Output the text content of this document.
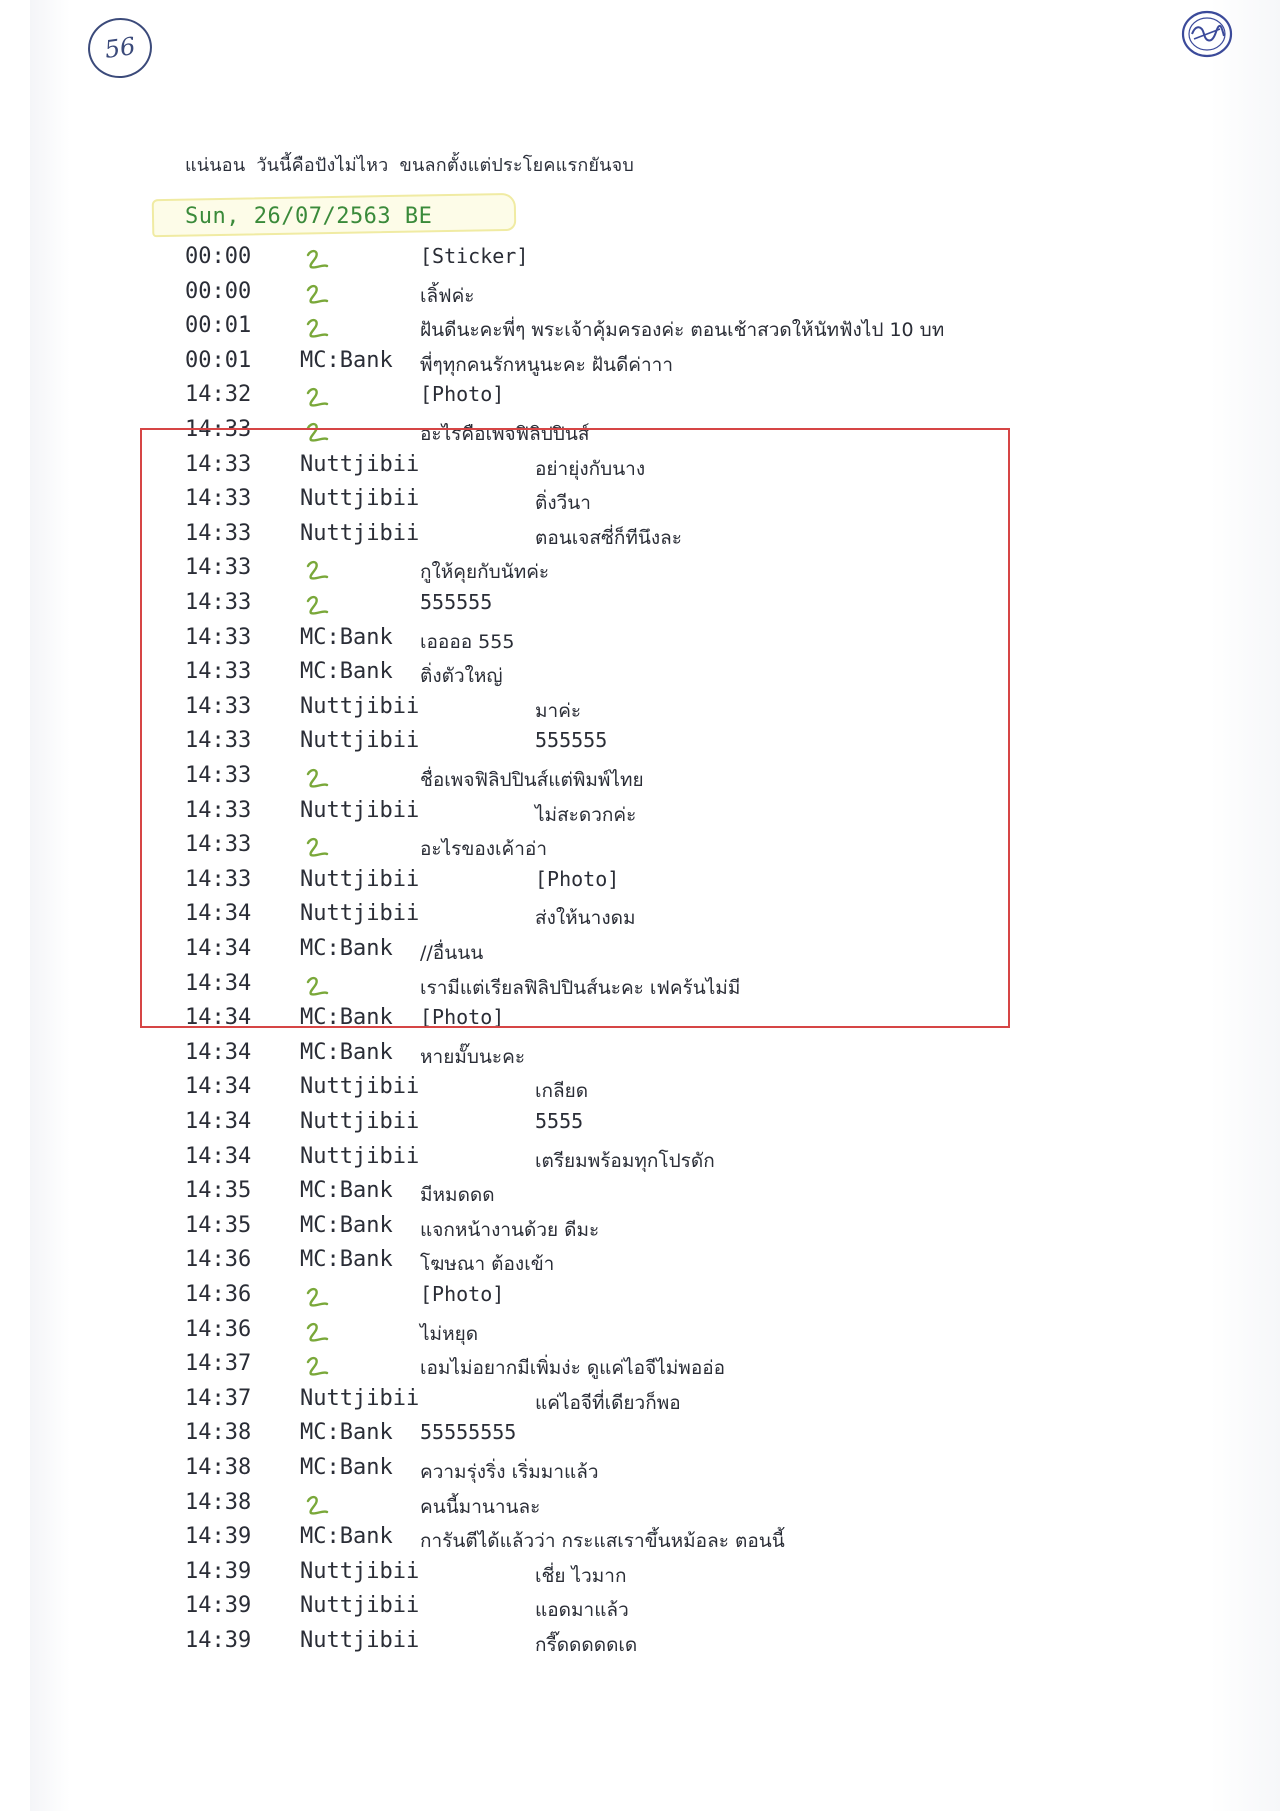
56
แน่นอน วันนี้คือปังไม่ไหว ขนลกตั้งแต่ประโยคแรกยันจบ
Sun, 26/07/2563 BE
00:00	[Sticker]
00:00	เลิ้ฟค่ะ
00:01	ฝันดีนะคะพี่ๆ พระเจ้าคุ้มครองค่ะ ตอนเช้าสวดให้นัทฟังไป 10 บท
00:01	MC:Bank พี่ๆทุกคนรักหนูนะคะ ฝันดีค่าาา
14:32	[Photo]
14:33	อะไรคือเพจฟิลิปปินส์
14:33	Nuttjibii	อย่ายุ่งกับนาง
14:33	Nuttjibii	ติ่งวีนา
14:33	Nuttjibii	ตอนเจสซี่ก็ทีนึงละ
14:33	กูให้คุยกับนัทค่ะ
14:33	555555
14:33	MC:Bank เออออ 555
14:33	MC:Bank ติ่งตัวใหญ่
14:33	Nuttjibii	มาค่ะ
14:33	Nuttjibii	555555
14:33	ชื่อเพจฟิลิปปินส์แต่พิมพ์ไทย
14:33	Nuttjibii	ไม่สะดวกค่ะ
14:33	อะไรของเค้าอ่า
14:33	Nuttjibii	[Photo]
14:34	Nuttjibii	ส่งให้นางดม
14:34	MC:Bank //อื่นนน
14:34	เรามีแต่เรียลฟิลิปปินส์นะคะ เฟคร้นไม่มี
14:34	MC:Bank [Photo]
14:34	MC:Bank หายมั๊บนะคะ
14:34	Nuttjibii	เกลียด
14:34	Nuttjibii	5555
14:34	Nuttjibii	เตรียมพร้อมทุกโปรดัก
14:35	MC:Bank มีหมดดด
14:35	MC:Bank แจกหน้างานด้วย ดีมะ
14:36	MC:Bank โฆษณา ต้องเข้า
14:36	[Photo]
14:36	ไม่หยุด
14:37	เอมไม่อยากมีเพิ่มง่ะ ดูแค่ไอจีไม่พออ่อ
14:37	Nuttjibii	แค่ไอจีที่เดียวก็พอ
14:38	MC:Bank 55555555
14:38	MC:Bank ความรุ่งริ่ง เริ่มมาแล้ว
14:38	คนนี้มานานละ
14:39	MC:Bank การันตีได้แล้วว่า กระแสเราขึ้นหม้อละ ตอนนี้
14:39	Nuttjibii	เชี่ย ไวมาก
14:39	Nuttjibii	แอดมาแล้ว
14:39	Nuttjibii	กรี๊ดดดดดเด
